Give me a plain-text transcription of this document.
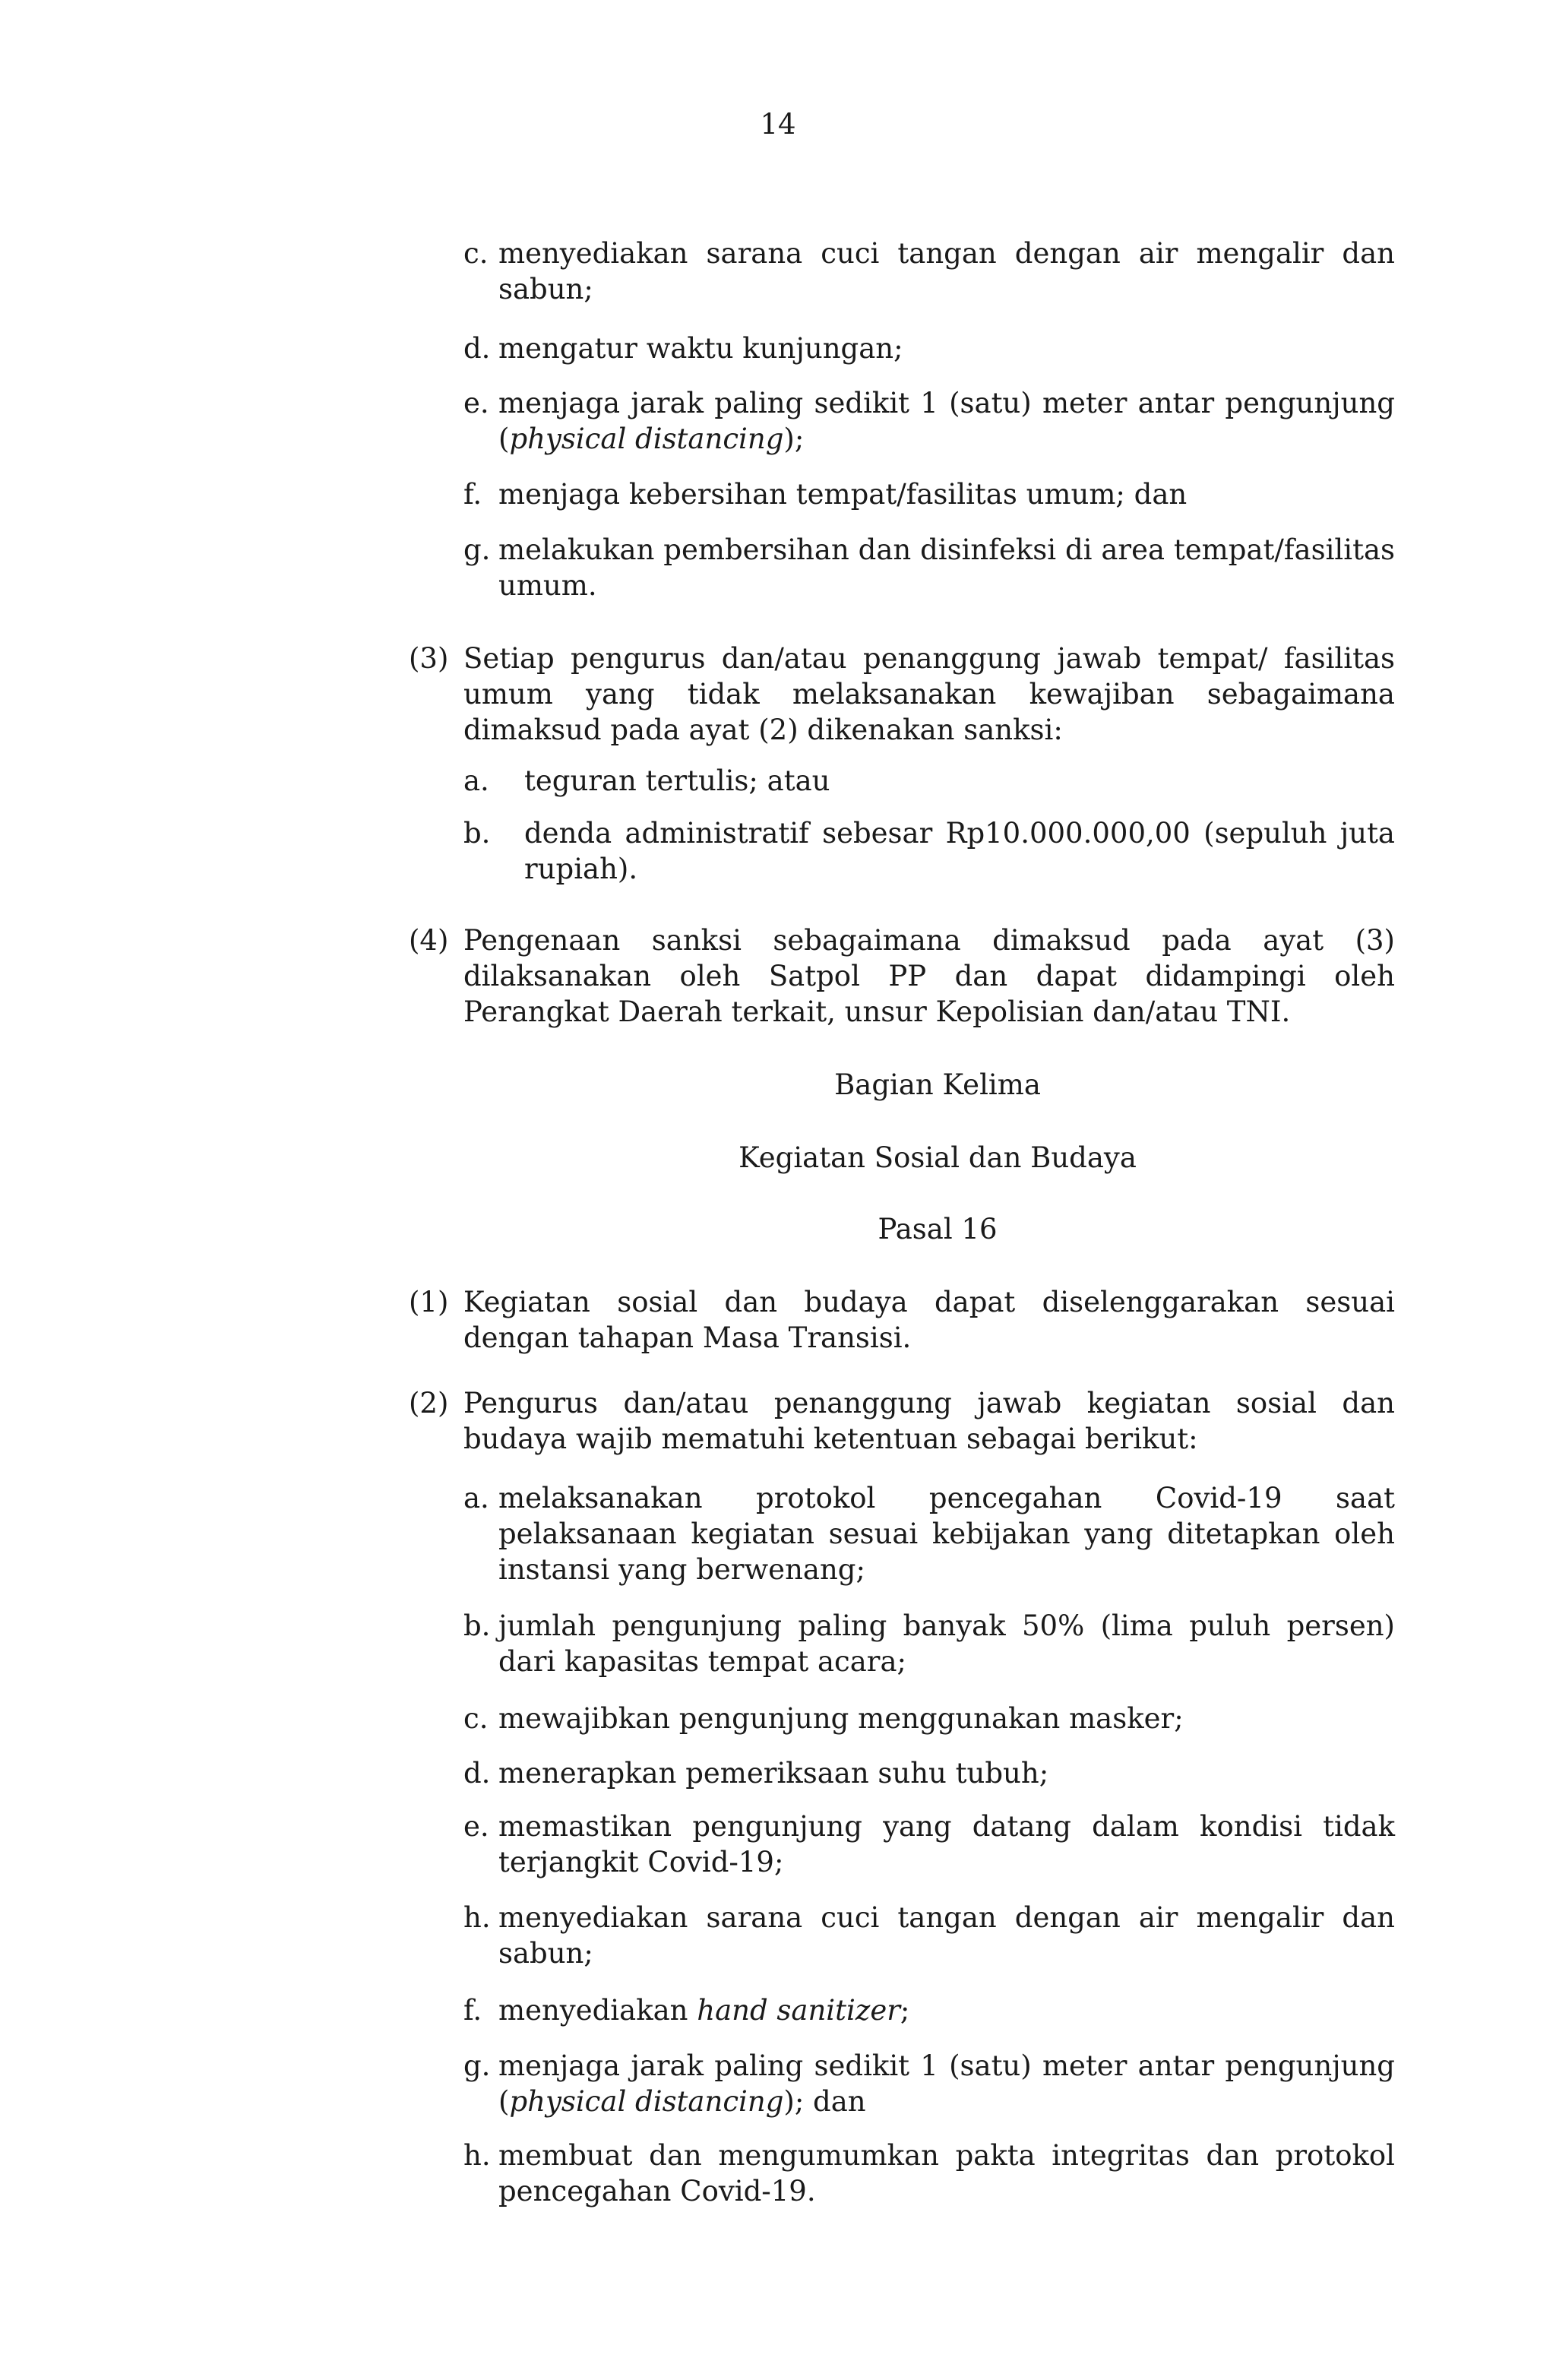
14
c. menyediakan sarana cuci tangan dengan air mengalir dan sabun;
d. mengatur waktu kunjungan;
e. menjaga jarak paling sedikit 1 (satu) meter antar pengunjung (physical distancing);
f. menjaga kebersihan tempat/fasilitas umum; dan
g. melakukan pembersihan dan disinfeksi di area tempat/fasilitas umum.
(3) Setiap pengurus dan/atau penanggung jawab tempat/ fasilitas umum yang tidak melaksanakan kewajiban sebagaimana dimaksud pada ayat (2) dikenakan sanksi:
a. teguran tertulis; atau
b. denda administratif sebesar Rp10.000.000,00 (sepuluh juta rupiah).
(4) Pengenaan sanksi sebagaimana dimaksud pada ayat (3) dilaksanakan oleh Satpol PP dan dapat didampingi oleh Perangkat Daerah terkait, unsur Kepolisian dan/atau TNI.
Bagian Kelima
Kegiatan Sosial dan Budaya
Pasal 16
(1) Kegiatan sosial dan budaya dapat diselenggarakan sesuai dengan tahapan Masa Transisi.
(2) Pengurus dan/atau penanggung jawab kegiatan sosial dan budaya wajib mematuhi ketentuan sebagai berikut:
a. melaksanakan protokol pencegahan Covid-19 saat pelaksanaan kegiatan sesuai kebijakan yang ditetapkan oleh instansi yang berwenang;
b. jumlah pengunjung paling banyak 50% (lima puluh persen) dari kapasitas tempat acara;
c. mewajibkan pengunjung menggunakan masker;
d. menerapkan pemeriksaan suhu tubuh;
e. memastikan pengunjung yang datang dalam kondisi tidak terjangkit Covid-19;
h. menyediakan sarana cuci tangan dengan air mengalir dan sabun;
f. menyediakan hand sanitizer;
g. menjaga jarak paling sedikit 1 (satu) meter antar pengunjung (physical distancing); dan
h. membuat dan mengumumkan pakta integritas dan protokol pencegahan Covid-19.
